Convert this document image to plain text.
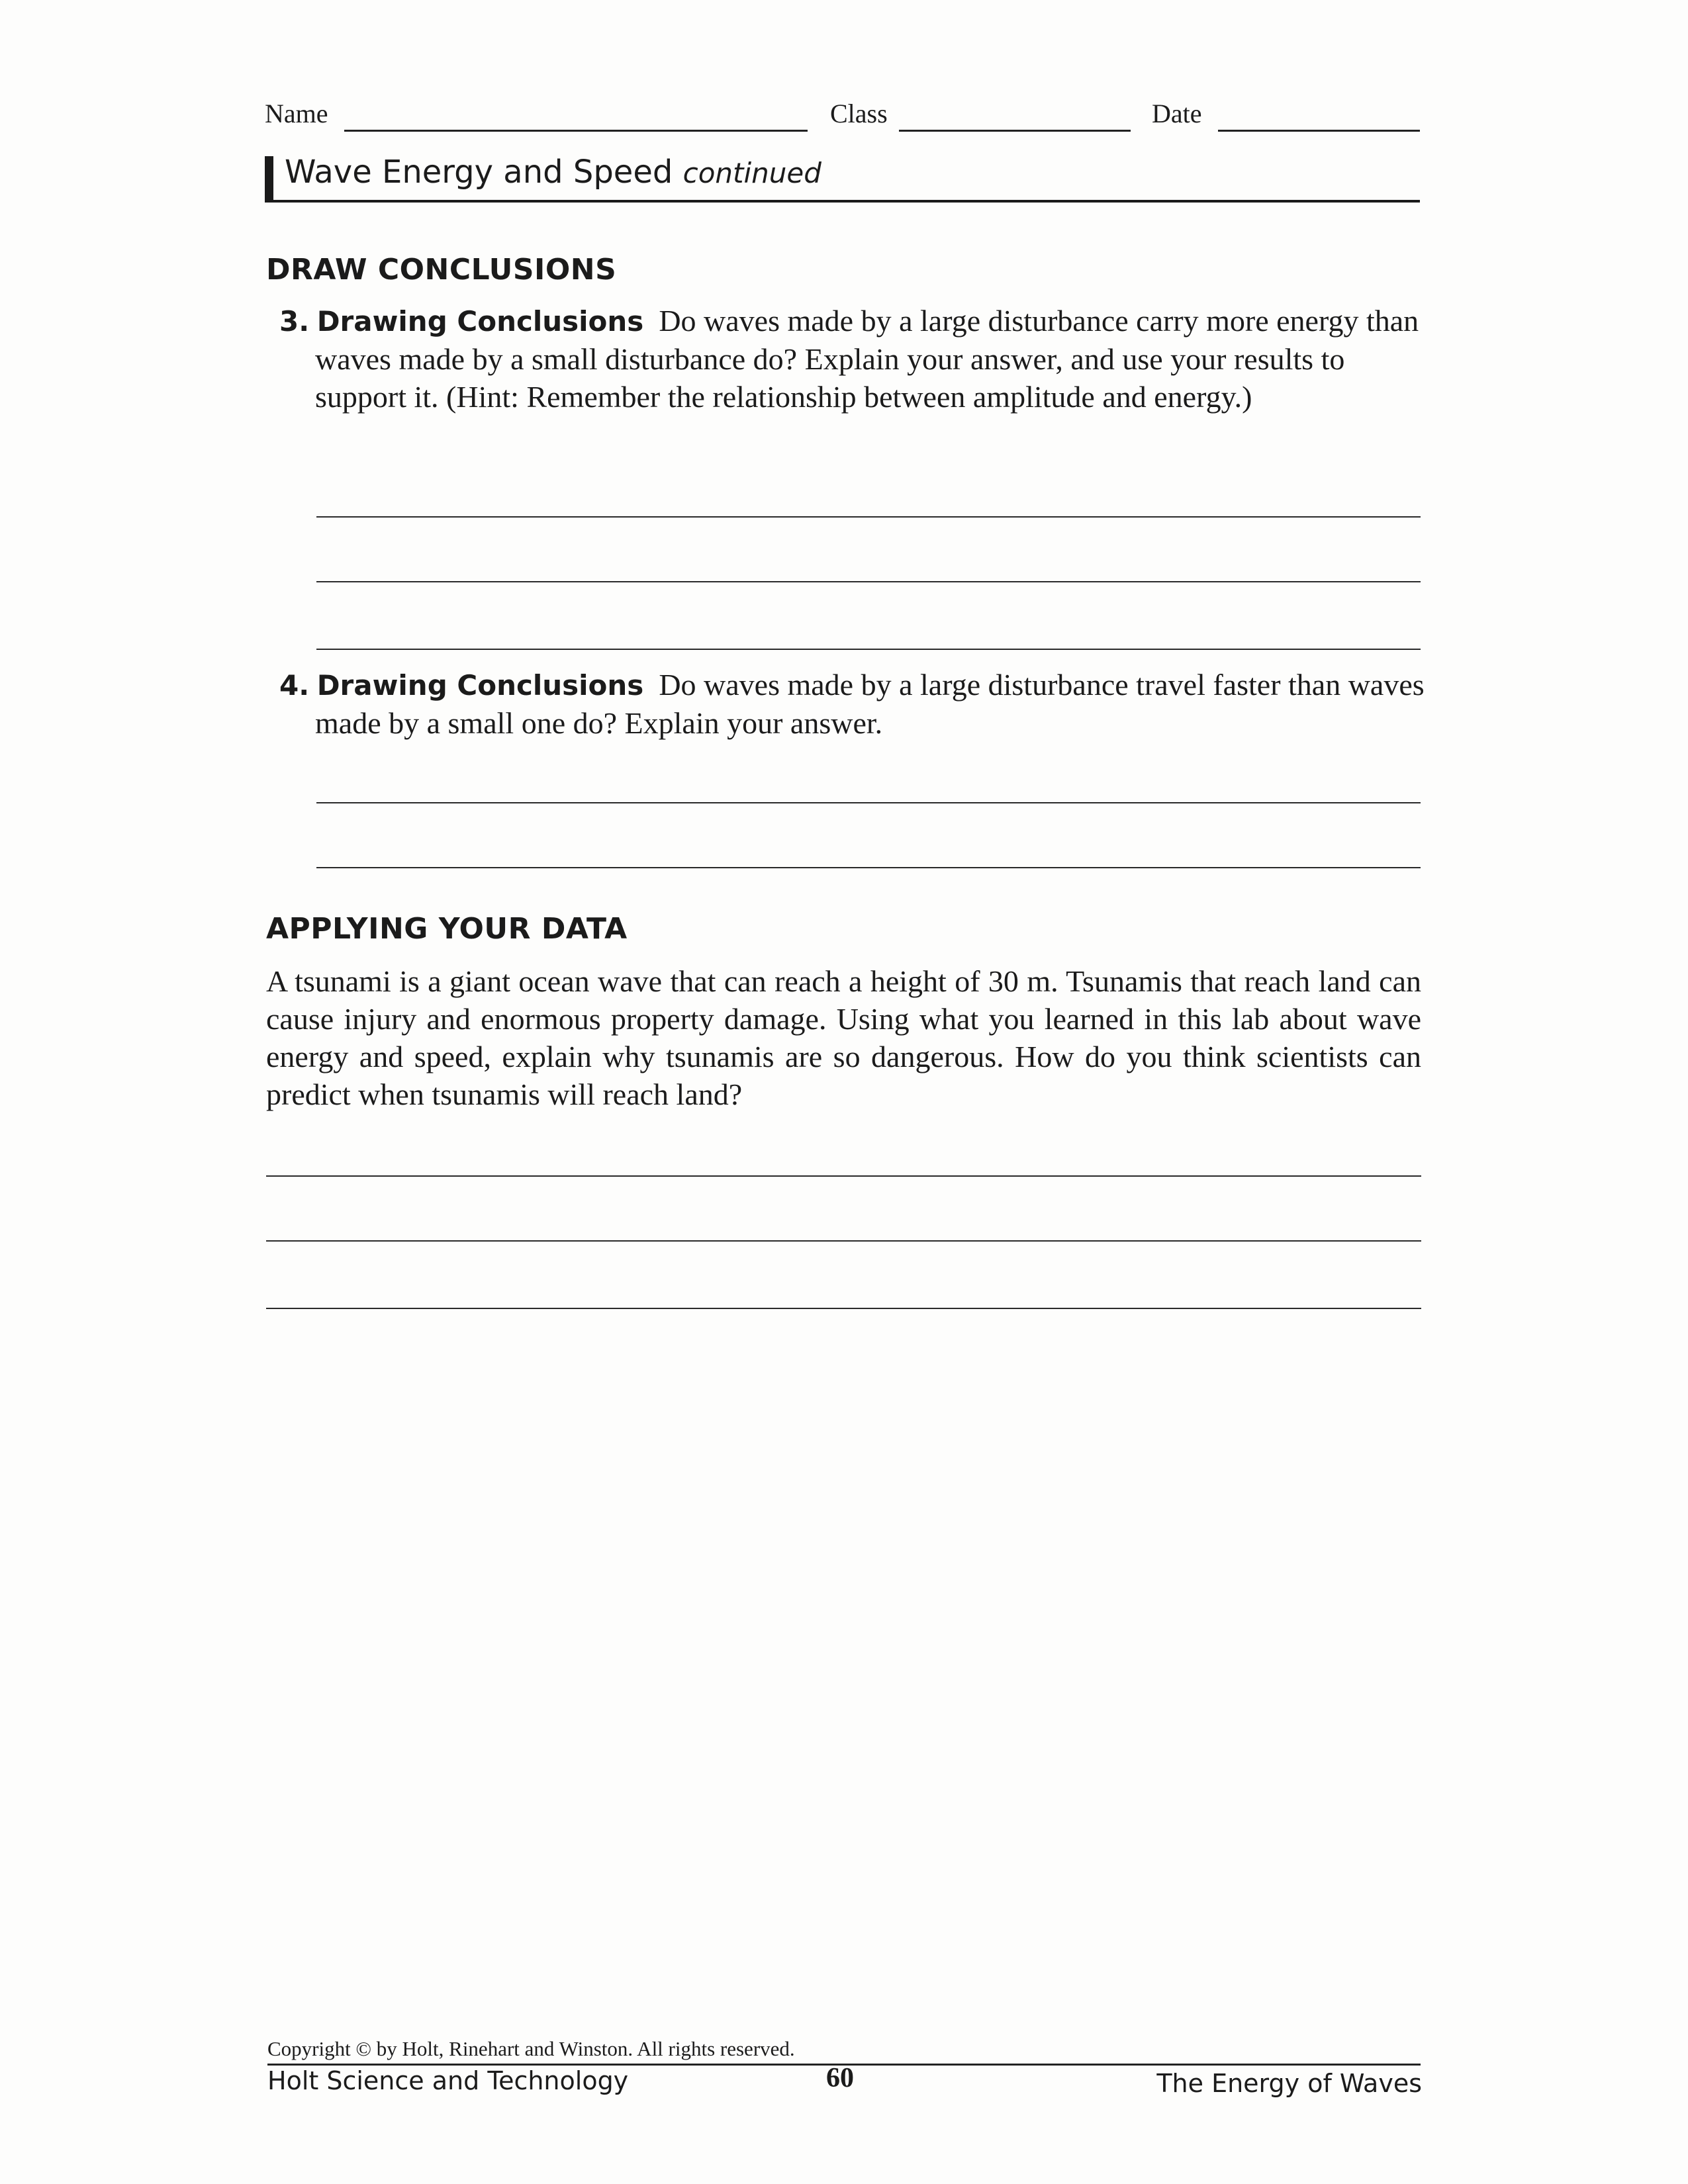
Name	Class	Date
Wave Energy and Speed continued
DRAW CONCLUSIONS
3. Drawing Conclusions Do waves made by a large disturbance carry more energy than waves made by a small disturbance do? Explain your answer, and use your results to support it. (Hint: Remember the relationship between amplitude and energy.)
4. Drawing Conclusions Do waves made by a large disturbance travel faster than waves made by a small one do? Explain your answer.
APPLYING YOUR DATA
A tsunami is a giant ocean wave that can reach a height of 30 m. Tsunamis that reach land can cause injury and enormous property damage. Using what you learned in this lab about wave energy and speed, explain why tsunamis are so dangerous. How do you think scientists can predict when tsunamis will reach land?
Copyright © by Holt, Rinehart and Winston. All rights reserved.
Holt Science and Technology	60	The Energy of Waves
